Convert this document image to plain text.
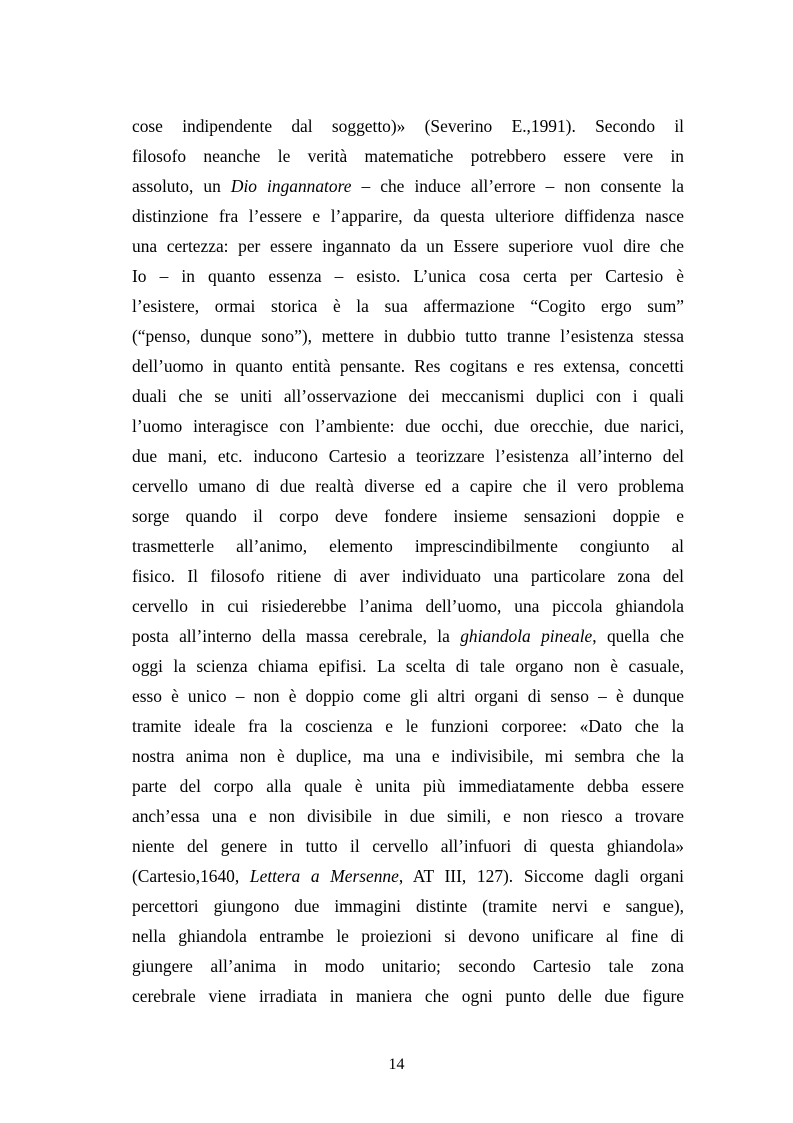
cose indipendente dal soggetto)» (Severino E.,1991). Secondo il
filosofo neanche le verità matematiche potrebbero essere vere in
assoluto, un Dio ingannatore – che induce all’errore – non consente la
distinzione fra l’essere e l’apparire, da questa ulteriore diffidenza nasce
una certezza: per essere ingannato da un Essere superiore vuol dire che
Io – in quanto essenza – esisto. L’unica cosa certa per Cartesio è
l’esistere, ormai storica è la sua affermazione “Cogito ergo sum”
(“penso, dunque sono”), mettere in dubbio tutto tranne l’esistenza stessa
dell’uomo in quanto entità pensante. Res cogitans e res extensa, concetti
duali che se uniti all’osservazione dei meccanismi duplici con i quali
l’uomo interagisce con l’ambiente: due occhi, due orecchie, due narici,
due mani, etc. inducono Cartesio a teorizzare l’esistenza all’interno del
cervello umano di due realtà diverse ed a capire che il vero problema
sorge quando il corpo deve fondere insieme sensazioni doppie e
trasmetterle all’animo, elemento imprescindibilmente congiunto al
fisico. Il filosofo ritiene di aver individuato una particolare zona del
cervello in cui risiederebbe l’anima dell’uomo, una piccola ghiandola
posta all’interno della massa cerebrale, la ghiandola pineale, quella che
oggi la scienza chiama epifisi. La scelta di tale organo non è casuale,
esso è unico – non è doppio come gli altri organi di senso – è dunque
tramite ideale fra la coscienza e le funzioni corporee: «Dato che la
nostra anima non è duplice, ma una e indivisibile, mi sembra che la
parte del corpo alla quale è unita più immediatamente debba essere
anch’essa una e non divisibile in due simili, e non riesco a trovare
niente del genere in tutto il cervello all’infuori di questa ghiandola»
(Cartesio,1640, Lettera a Mersenne, AT III, 127). Siccome dagli organi
percettori giungono due immagini distinte (tramite nervi e sangue),
nella ghiandola entrambe le proiezioni si devono unificare al fine di
giungere all’anima in modo unitario; secondo Cartesio tale zona
cerebrale viene irradiata in maniera che ogni punto delle due figure
14
